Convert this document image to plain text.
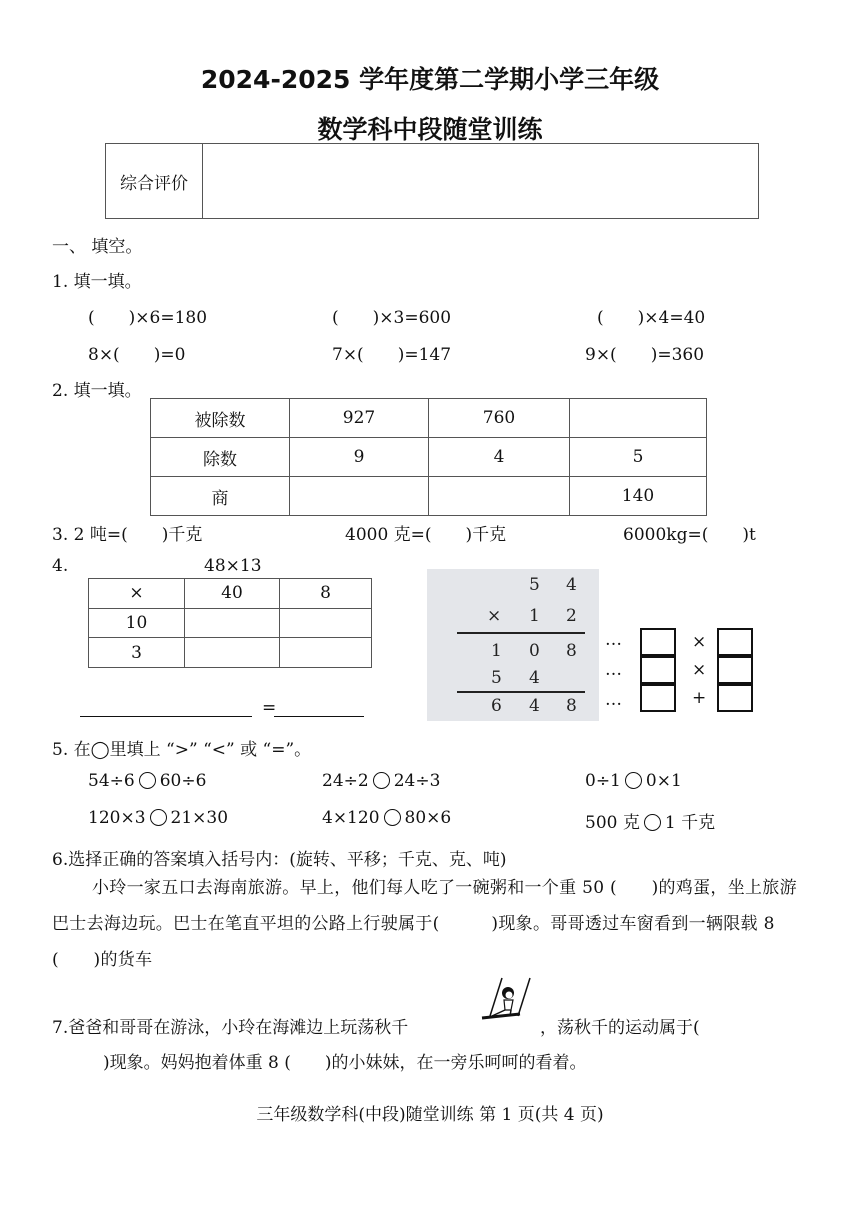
2024-2025 学年度第二学期小学三年级
数学科中段随堂训练
综合评价	
一、 填空。
1. 填一填。
(　　)×6=180	(　　)×3=600	(　　)×4=40
8×(　　)=0	7×(　　)=147	9×(　　)=360
2. 填一填。
被除数	927	760	
除数	9	4	5
商			140
3. 2 吨=(　　)千克	4000 克=(　　)千克	6000kg=(　　)t
4.	48×13
×	40	8
10		
3		
=
5 4
× 1 2
1 0 8
5 4
6 4 8
…
…
…
×
×
+
5. 在◯里填上 “>” “<” 或 “=”。
54÷6 60÷6	24÷2 24÷3	0÷1 0×1
120×3 21×30	4×120 80×6	500 克 1 千克
6.选择正确的答案填入括号内：(旋转、平移；千克、克、吨)
小玲一家五口去海南旅游。早上，他们每人吃了一碗粥和一个重 50 (　　)的鸡蛋，坐上旅游巴士去海边玩。巴士在笔直平坦的公路上行驶属于(　　　)现象。哥哥透过车窗看到一辆限载 8 (　　)的货车
7.爸爸和哥哥在游泳，小玲在海滩边上玩荡秋千	，荡秋千的运动属于(
)现象。妈妈抱着体重 8 (　　)的小妹妹，在一旁乐呵呵的看着。
三年级数学科(中段)随堂训练 第 1 页(共 4 页)
